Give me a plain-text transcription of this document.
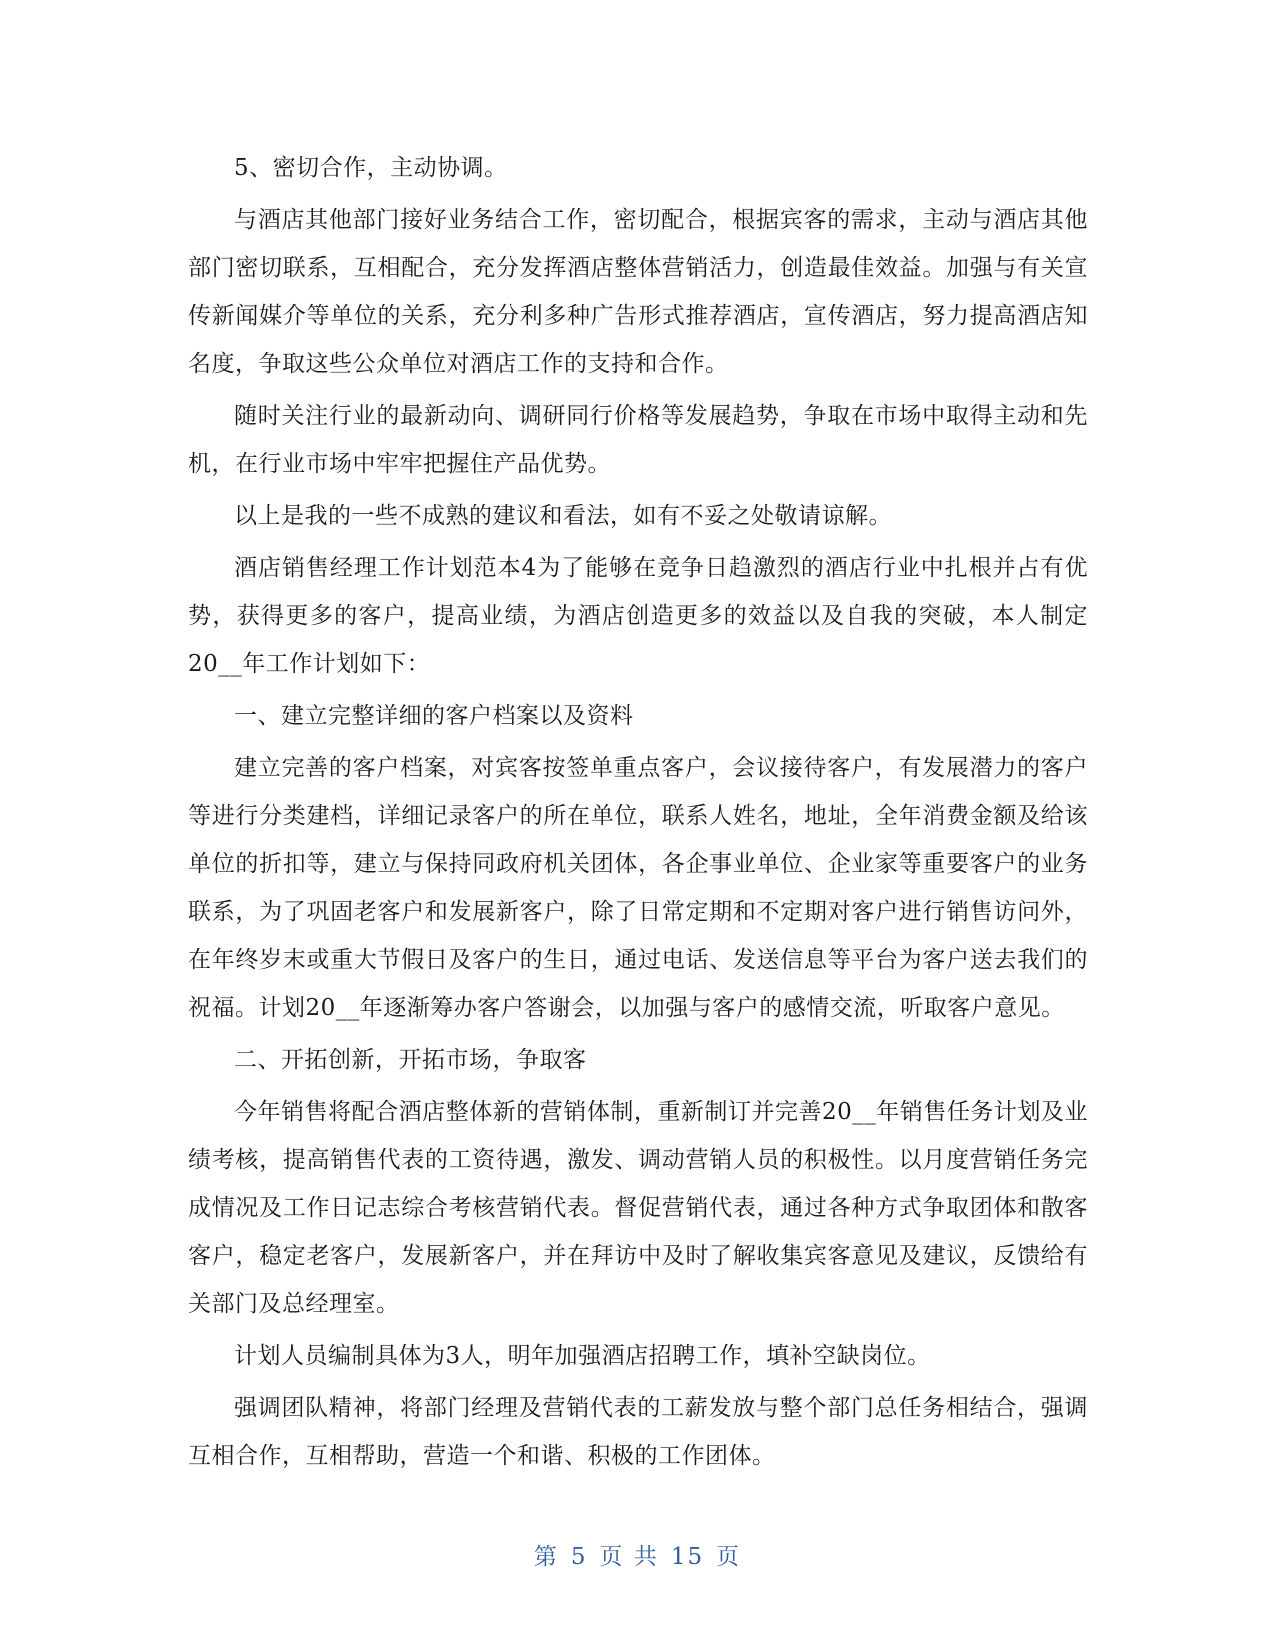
5、密切合作，主动协调。

与酒店其他部门接好业务结合工作，密切配合，根据宾客的需求，主动与酒店其他部门密切联系，互相配合，充分发挥酒店整体营销活力，创造最佳效益。加强与有关宣传新闻媒介等单位的关系，充分利多种广告形式推荐酒店，宣传酒店，努力提高酒店知名度，争取这些公众单位对酒店工作的支持和合作。

随时关注行业的最新动向、调研同行价格等发展趋势，争取在市场中取得主动和先机，在行业市场中牢牢把握住产品优势。

以上是我的一些不成熟的建议和看法，如有不妥之处敬请谅解。

酒店销售经理工作计划范本4为了能够在竞争日趋激烈的酒店行业中扎根并占有优势，获得更多的客户，提高业绩，为酒店创造更多的效益以及自我的突破，本人制定20__年工作计划如下：

一、建立完整详细的客户档案以及资料

建立完善的客户档案，对宾客按签单重点客户，会议接待客户，有发展潜力的客户等进行分类建档，详细记录客户的所在单位，联系人姓名，地址，全年消费金额及给该单位的折扣等，建立与保持同政府机关团体，各企事业单位、企业家等重要客户的业务联系，为了巩固老客户和发展新客户，除了日常定期和不定期对客户进行销售访问外，在年终岁末或重大节假日及客户的生日，通过电话、发送信息等平台为客户送去我们的祝福。计划20__年逐渐筹办客户答谢会，以加强与客户的感情交流，听取客户意见。

二、开拓创新，开拓市场，争取客

今年销售将配合酒店整体新的营销体制，重新制订并完善20__年销售任务计划及业绩考核，提高销售代表的工资待遇，激发、调动营销人员的积极性。以月度营销任务完成情况及工作日记志综合考核营销代表。督促营销代表，通过各种方式争取团体和散客客户，稳定老客户，发展新客户，并在拜访中及时了解收集宾客意见及建议，反馈给有关部门及总经理室。

计划人员编制具体为3人，明年加强酒店招聘工作，填补空缺岗位。

强调团队精神，将部门经理及营销代表的工薪发放与整个部门总任务相结合，强调互相合作，互相帮助，营造一个和谐、积极的工作团体。

第 5 页 共 15 页
